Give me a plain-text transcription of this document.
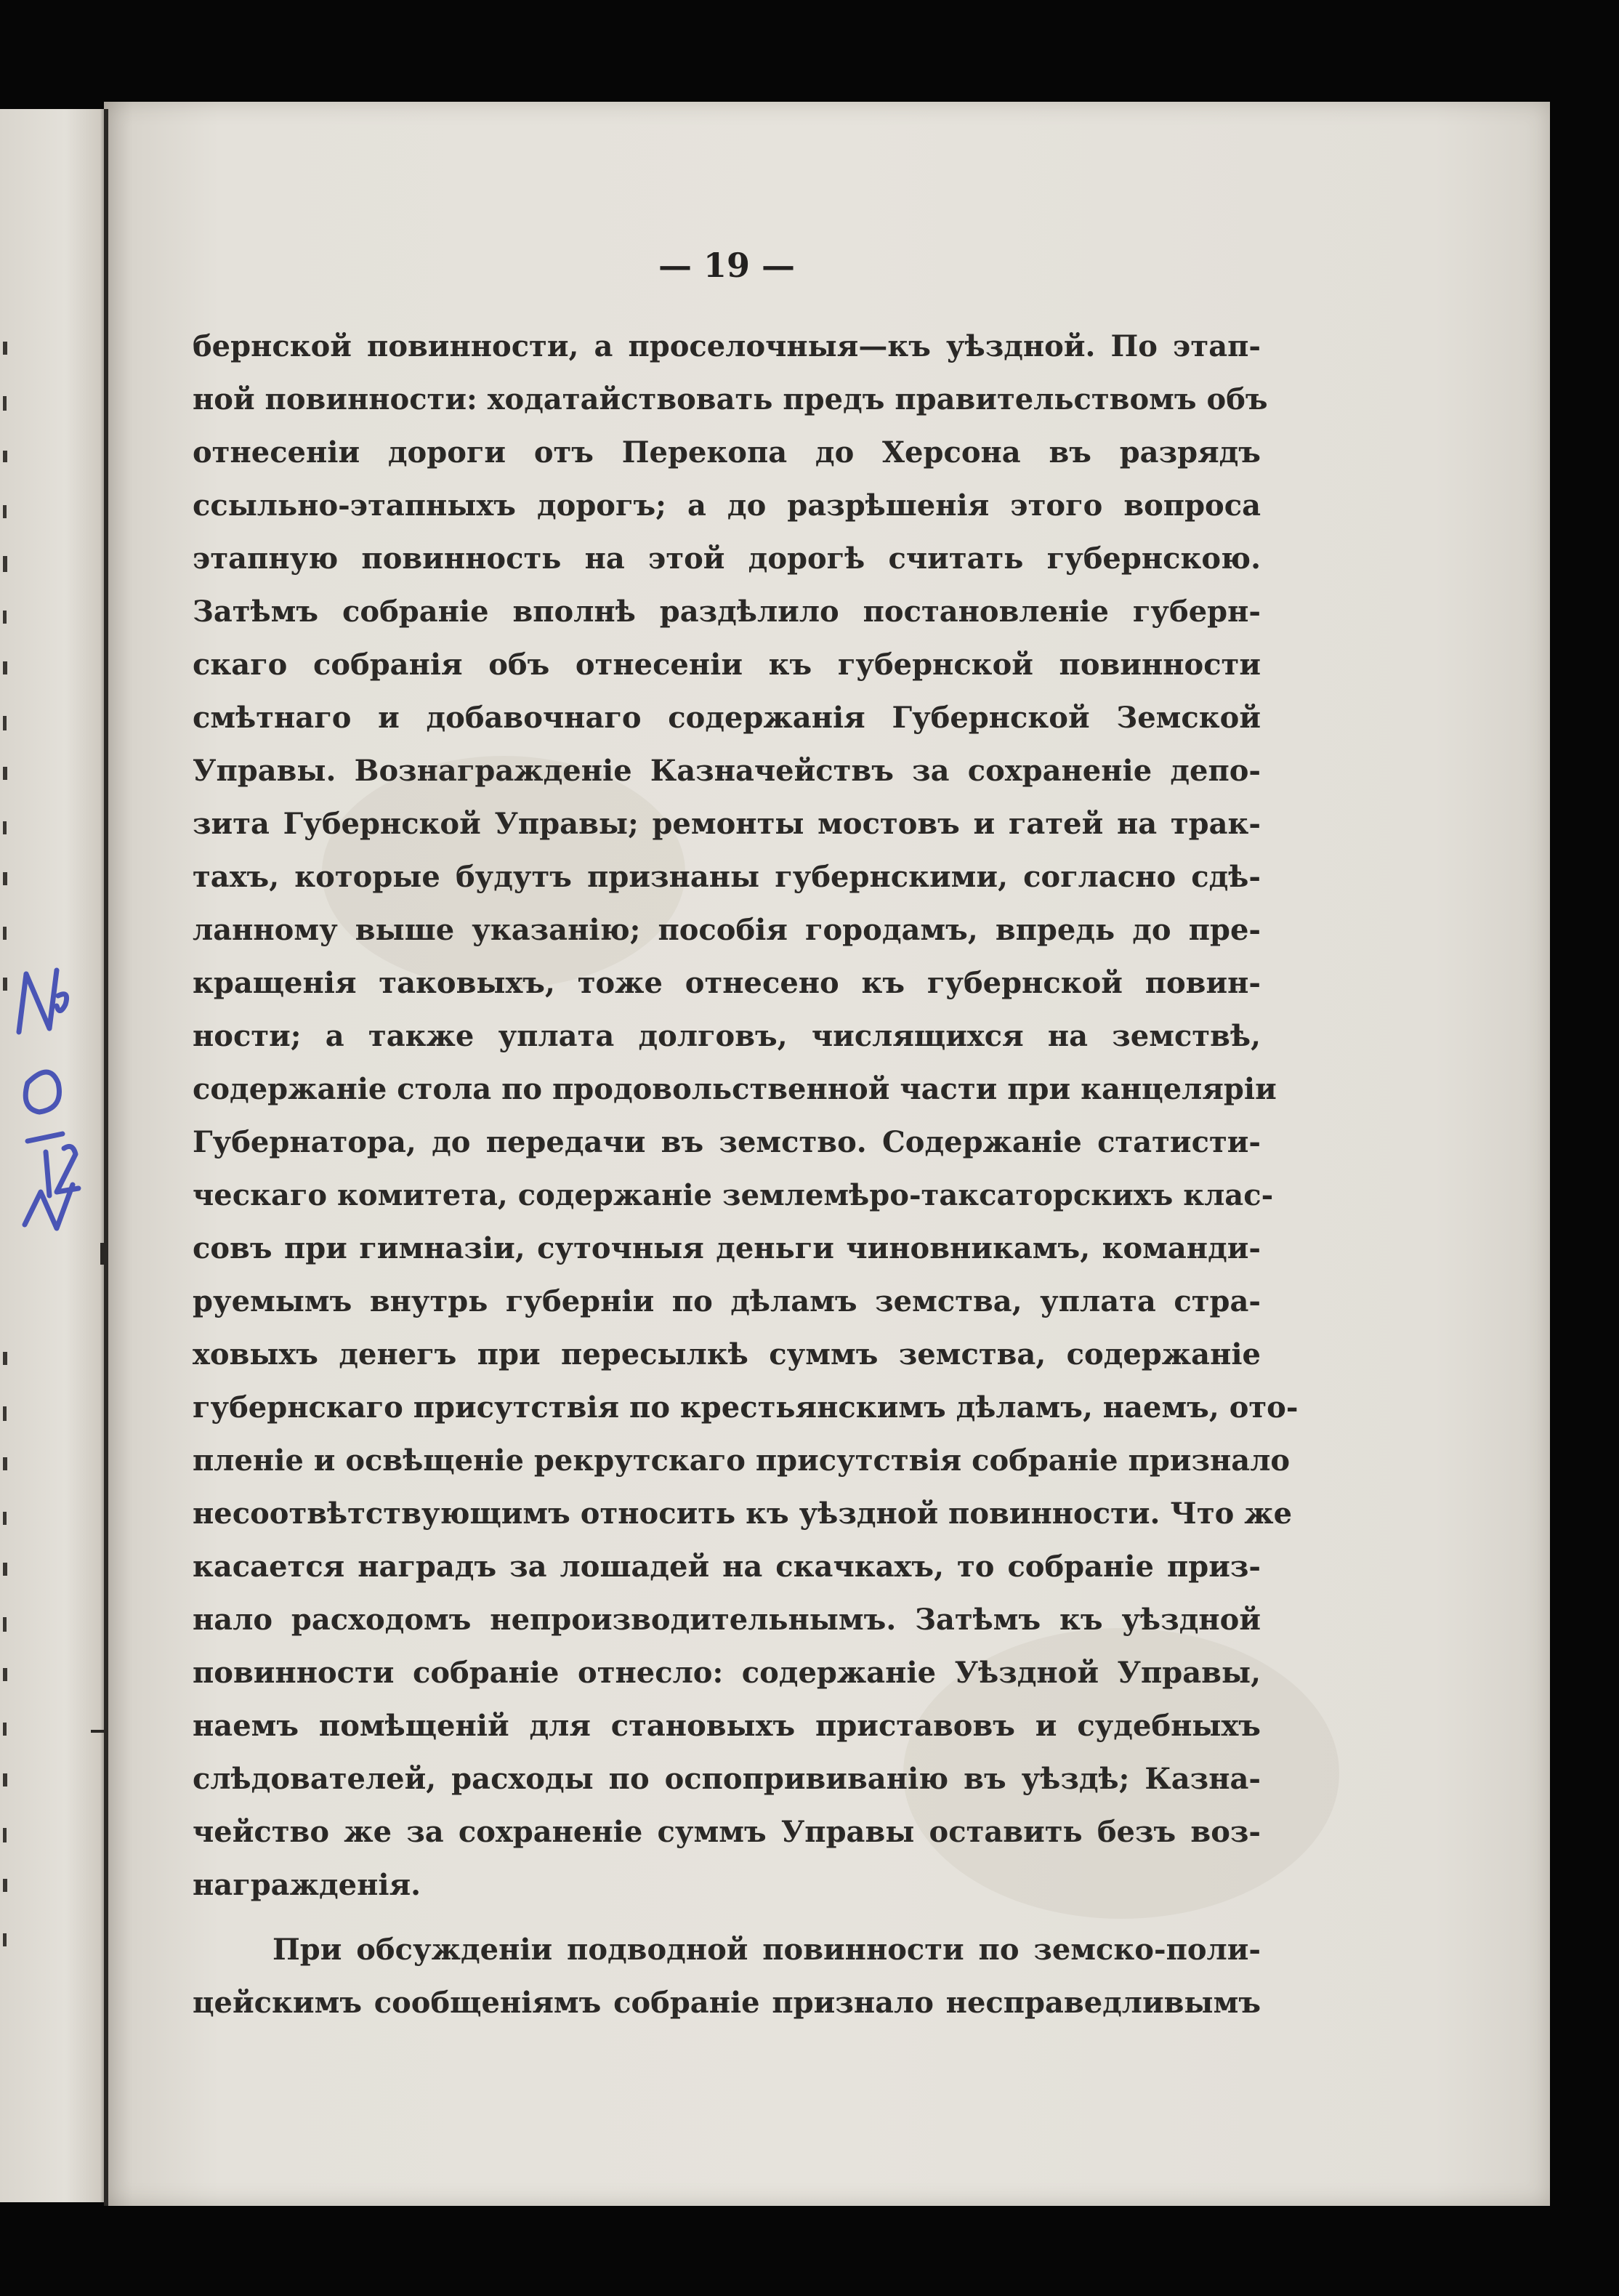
№ 0 72
— 19 —
бернской повинности, а проселочныя—къ уѣздной. По этап-
ной повинности: ходатайствовать предъ правительствомъ объ
отнесеніи дороги отъ Перекопа до Херсона въ разрядъ
ссыльно-этапныхъ дорогъ; а до разрѣшенія этого вопроса
этапную повинность на этой дорогѣ считать губернскою.
Затѣмъ собраніе вполнѣ раздѣлило постановленіе губерн-
скаго собранія объ отнесеніи къ губернской повинности
смѣтнаго и добавочнаго содержанія Губернской Земской
Управы. Вознагражденіе Казначействъ за сохраненіе депо-
зита Губернской Управы; ремонты мостовъ и гатей на трак-
тахъ, которые будутъ признаны губернскими, согласно сдѣ-
ланному выше указанію; пособія городамъ, впредь до пре-
кращенія таковыхъ, тоже отнесено къ губернской повин-
ности; а также уплата долговъ, числящихся на земствѣ,
содержаніе стола по продовольственной части при канцеляріи
Губернатора, до передачи въ земство. Содержаніе статисти-
ческаго комитета, содержаніе землемѣро-таксаторскихъ клас-
совъ при гимназіи, суточныя деньги чиновникамъ, команди-
руемымъ внутрь губерніи по дѣламъ земства, уплата стра-
ховыхъ денегъ при пересылкѣ суммъ земства, содержаніе
губернскаго присутствія по крестьянскимъ дѣламъ, наемъ, ото-
пленіе и освѣщеніе рекрутскаго присутствія собраніе признало
несоотвѣтствующимъ относить къ уѣздной повинности. Что же
касается наградъ за лошадей на скачкахъ, то собраніе приз-
нало расходомъ непроизводительнымъ. Затѣмъ къ уѣздной
повинности собраніе отнесло: содержаніе Уѣздной Управы,
наемъ помѣщеній для становыхъ приставовъ и судебныхъ
слѣдователей, расходы по оспопрививанію въ уѣздѣ; Казна-
чейство же за сохраненіе суммъ Управы оставить безъ воз-
награжденія.
При обсужденіи подводной повинности по земско-поли-
цейскимъ сообщеніямъ собраніе признало несправедливымъ
